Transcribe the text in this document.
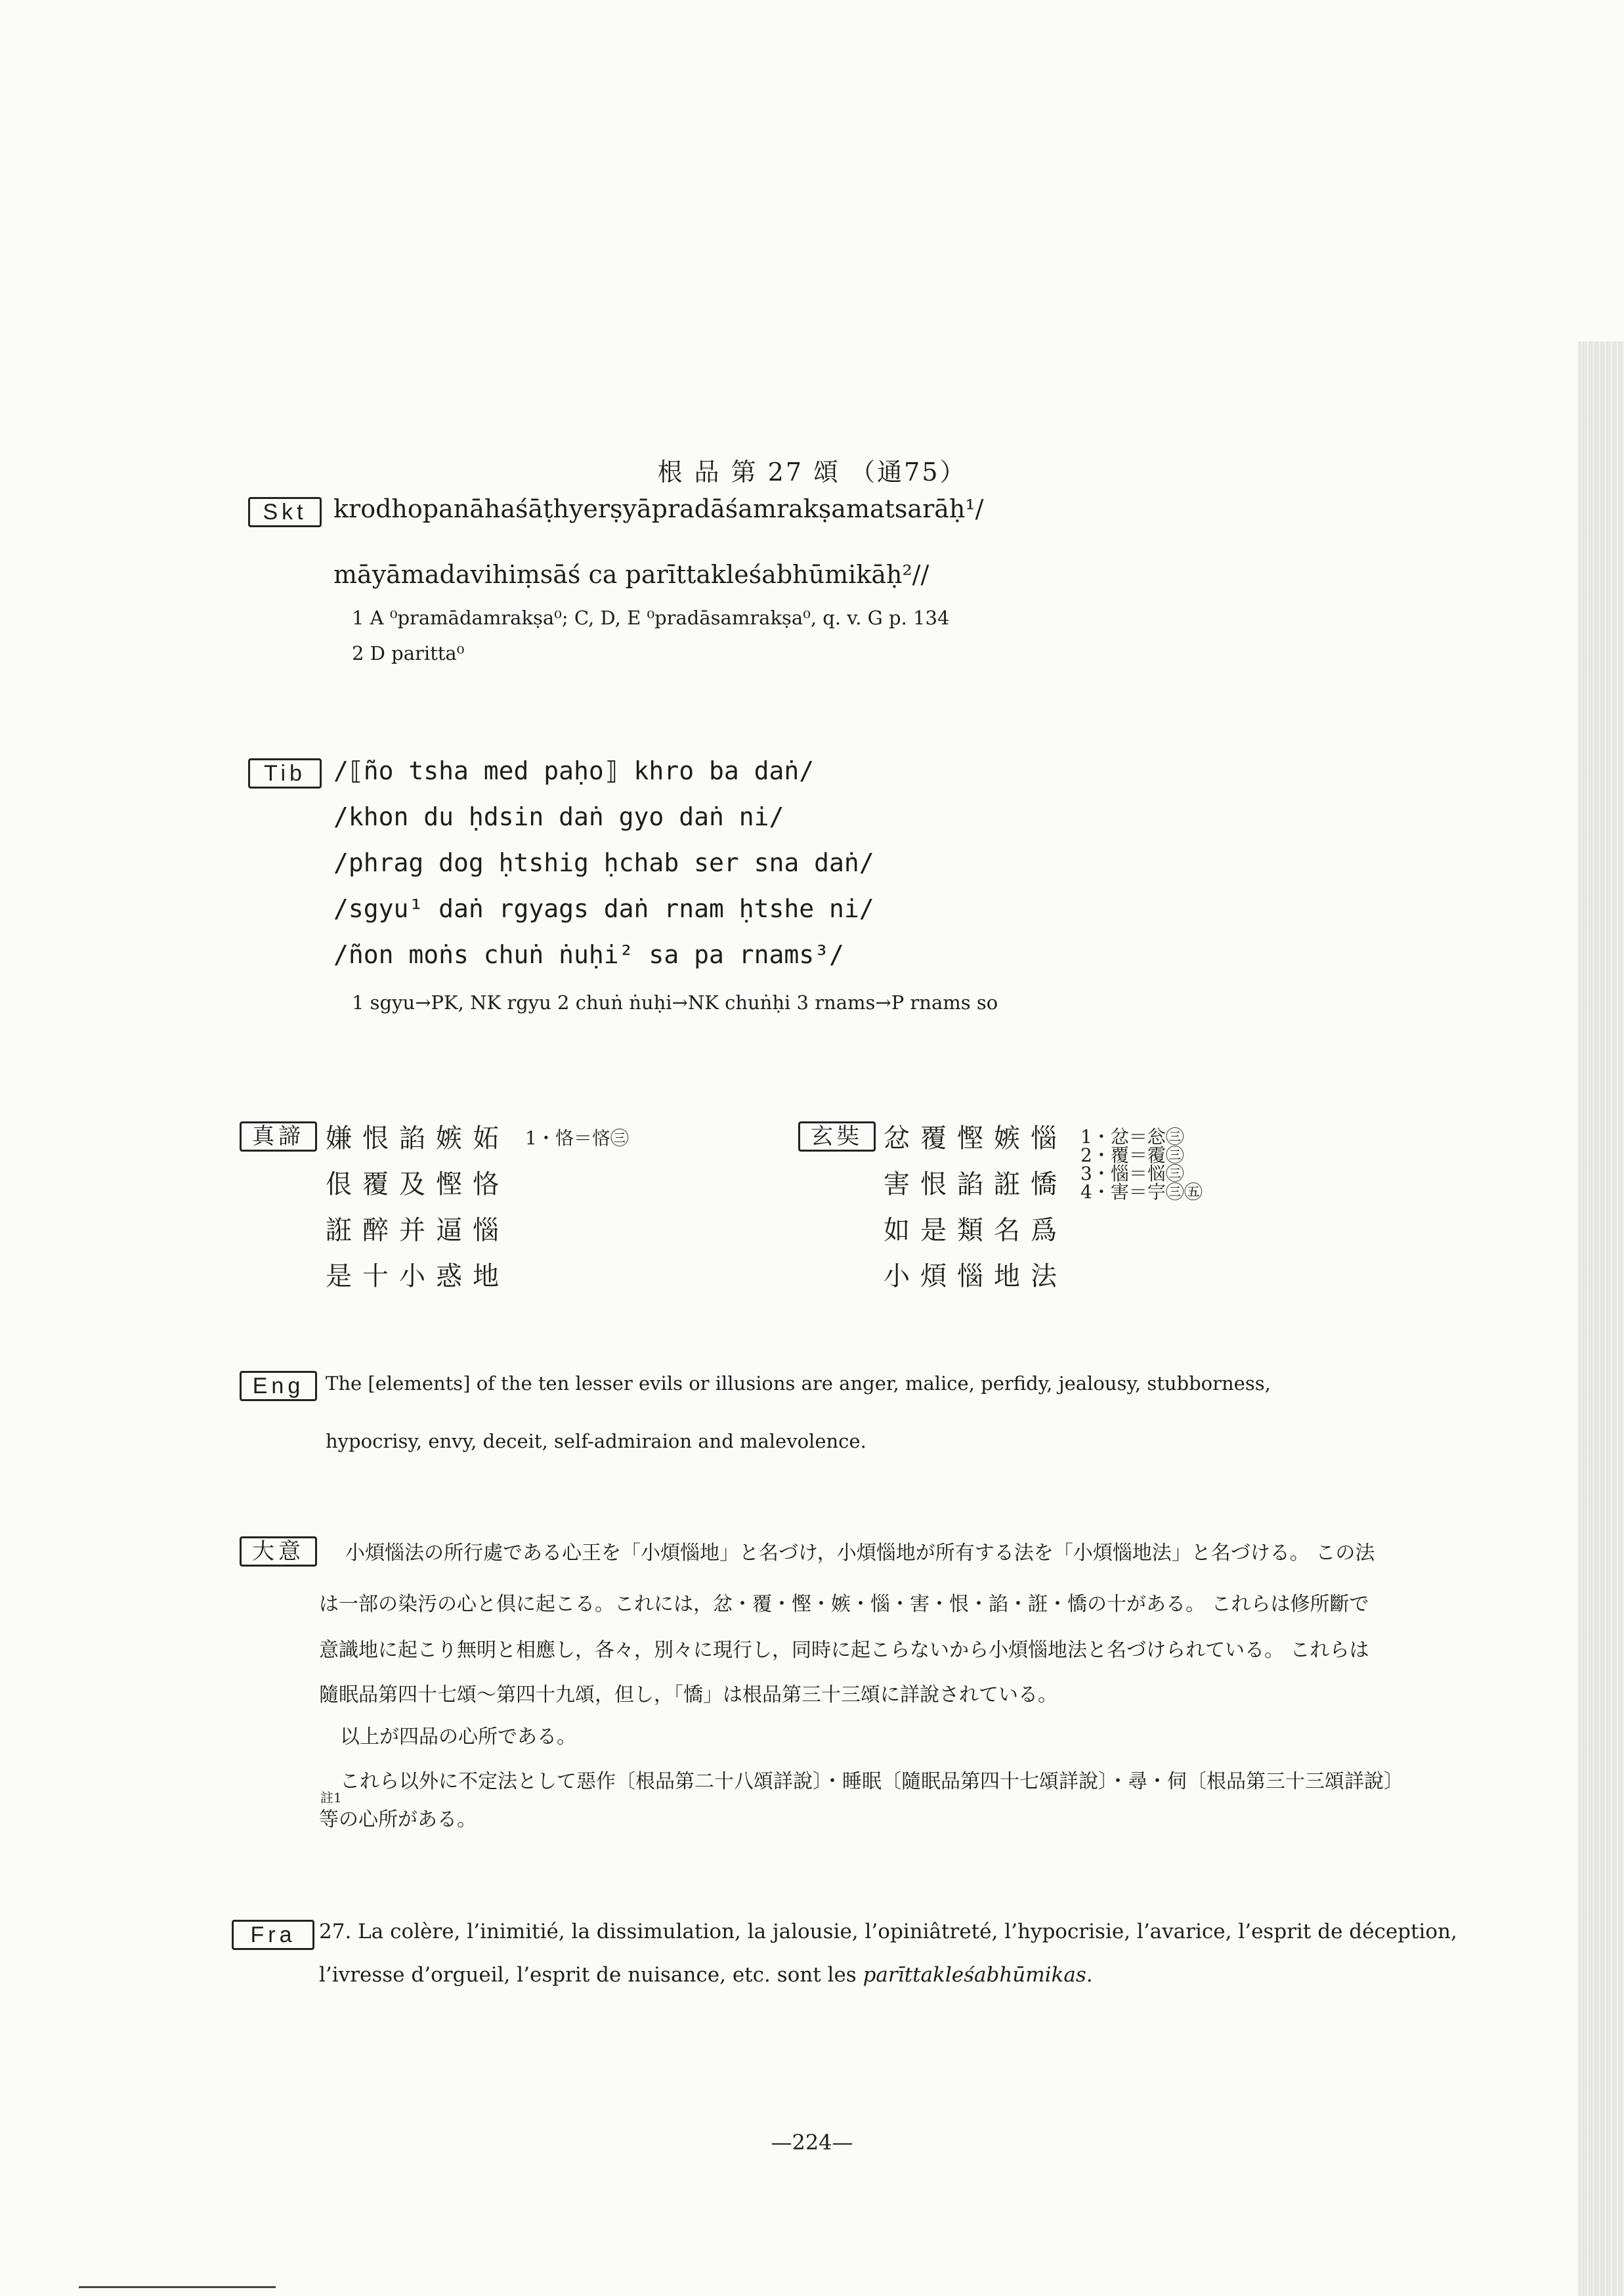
根 品 第 27 頌 （通75）
Skt	krodhopanāhaśāṭhyerṣyāpradāśamrakṣamatsarāḥ¹/
māyāmadavihiṃsāś ca parīttakleśabhūmikāḥ²//
1 A ⁰pramādamrakṣa⁰; C, D, E ⁰pradāsamrakṣa⁰, q. v. G p. 134
2 D paritta⁰
Tib	/⟦ño tsha med paḥo⟧ khro ba daṅ/
/khon du ḥdsin daṅ gyo daṅ ni/
/phrag dog ḥtshig ḥchab ser sna daṅ/
/sgyu¹ daṅ rgyags daṅ rnam ḥtshe ni/
/ñon moṅs chuṅ ṅuḥi² sa pa rnams³/
1 sgyu→PK, NK rgyu 2 chuṅ ṅuḥi→NK chuṅḥi 3 rnams→P rnams so
真諦 嫌恨諂嫉妬
佷覆及慳恪
誑醉并逼惱
是十小惑地
1・恪＝悋㊂	玄奘 忿覆慳嫉惱
害恨諂誑憍
如是類名爲
小煩惱地法
1・忿＝忩㊂
2・覆＝䨱㊂
3・惱＝悩㊂
4・害＝𡧃㊂㊄
Eng	The [elements] of the ten lesser evils or illusions are anger, malice, perfidy, jealousy, stubborness,
hypocrisy, envy, deceit, self-admiraion and malevolence.
大意	小煩惱法の所行處である心王を「小煩惱地」と名づけ，小煩惱地が所有する法を「小煩惱地法」と名づける。 この法
は一部の染汚の心と倶に起こる。これには，忿・覆・慳・嫉・惱・害・恨・諂・誑・憍の十がある。 これらは修所斷で
意識地に起こり無明と相應し，各々，別々に現行し，同時に起こらないから小煩惱地法と名づけられている。 これらは
隨眠品第四十七頌～第四十九頌，但し，「憍」は根品第三十三頌に詳說されている。
以上が四品の心所である。
これら以外に不定法として惡作〔根品第二十八頌詳說〕・睡眠〔隨眠品第四十七頌詳說〕・尋・伺〔根品第三十三頌詳說〕
註1
等の心所がある。
Fra	27. La colère, l’inimitié, la dissimulation, la jalousie, l’opiniâtreté, l’hypocrisie, l’avarice, l’esprit de déception,
l’ivresse d’orgueil, l’esprit de nuisance, etc. sont les parīttakleśabhūmikas.
—224—
